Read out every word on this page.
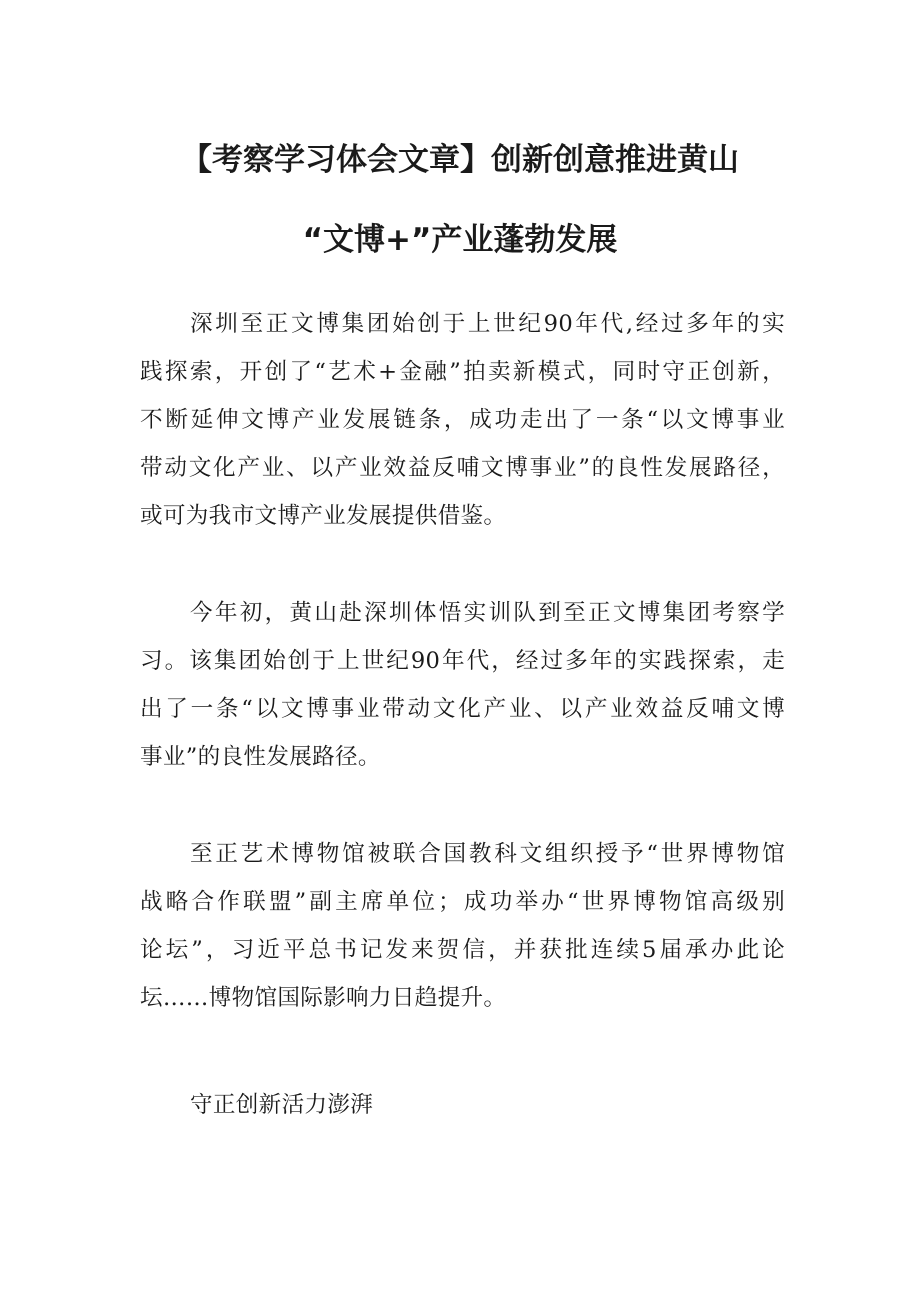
【考察学习体会文章】创新创意推进黄山
“文博+”产业蓬勃发展
深圳至正文博集团始创于上世纪90年代,经过多年的实
践探索，开创了“艺术+金融”拍卖新模式，同时守正创新，
不断延伸文博产业发展链条，成功走出了一条“以文博事业
带动文化产业、以产业效益反哺文博事业”的良性发展路径，
或可为我市文博产业发展提供借鉴。
今年初，黄山赴深圳体悟实训队到至正文博集团考察学
习。该集团始创于上世纪90年代，经过多年的实践探索，走
出了一条“以文博事业带动文化产业、以产业效益反哺文博
事业”的良性发展路径。
至正艺术博物馆被联合国教科文组织授予“世界博物馆
战略合作联盟”副主席单位；成功举办“世界博物馆高级别
论坛”，习近平总书记发来贺信，并获批连续5届承办此论
坛……博物馆国际影响力日趋提升。
守正创新活力澎湃
